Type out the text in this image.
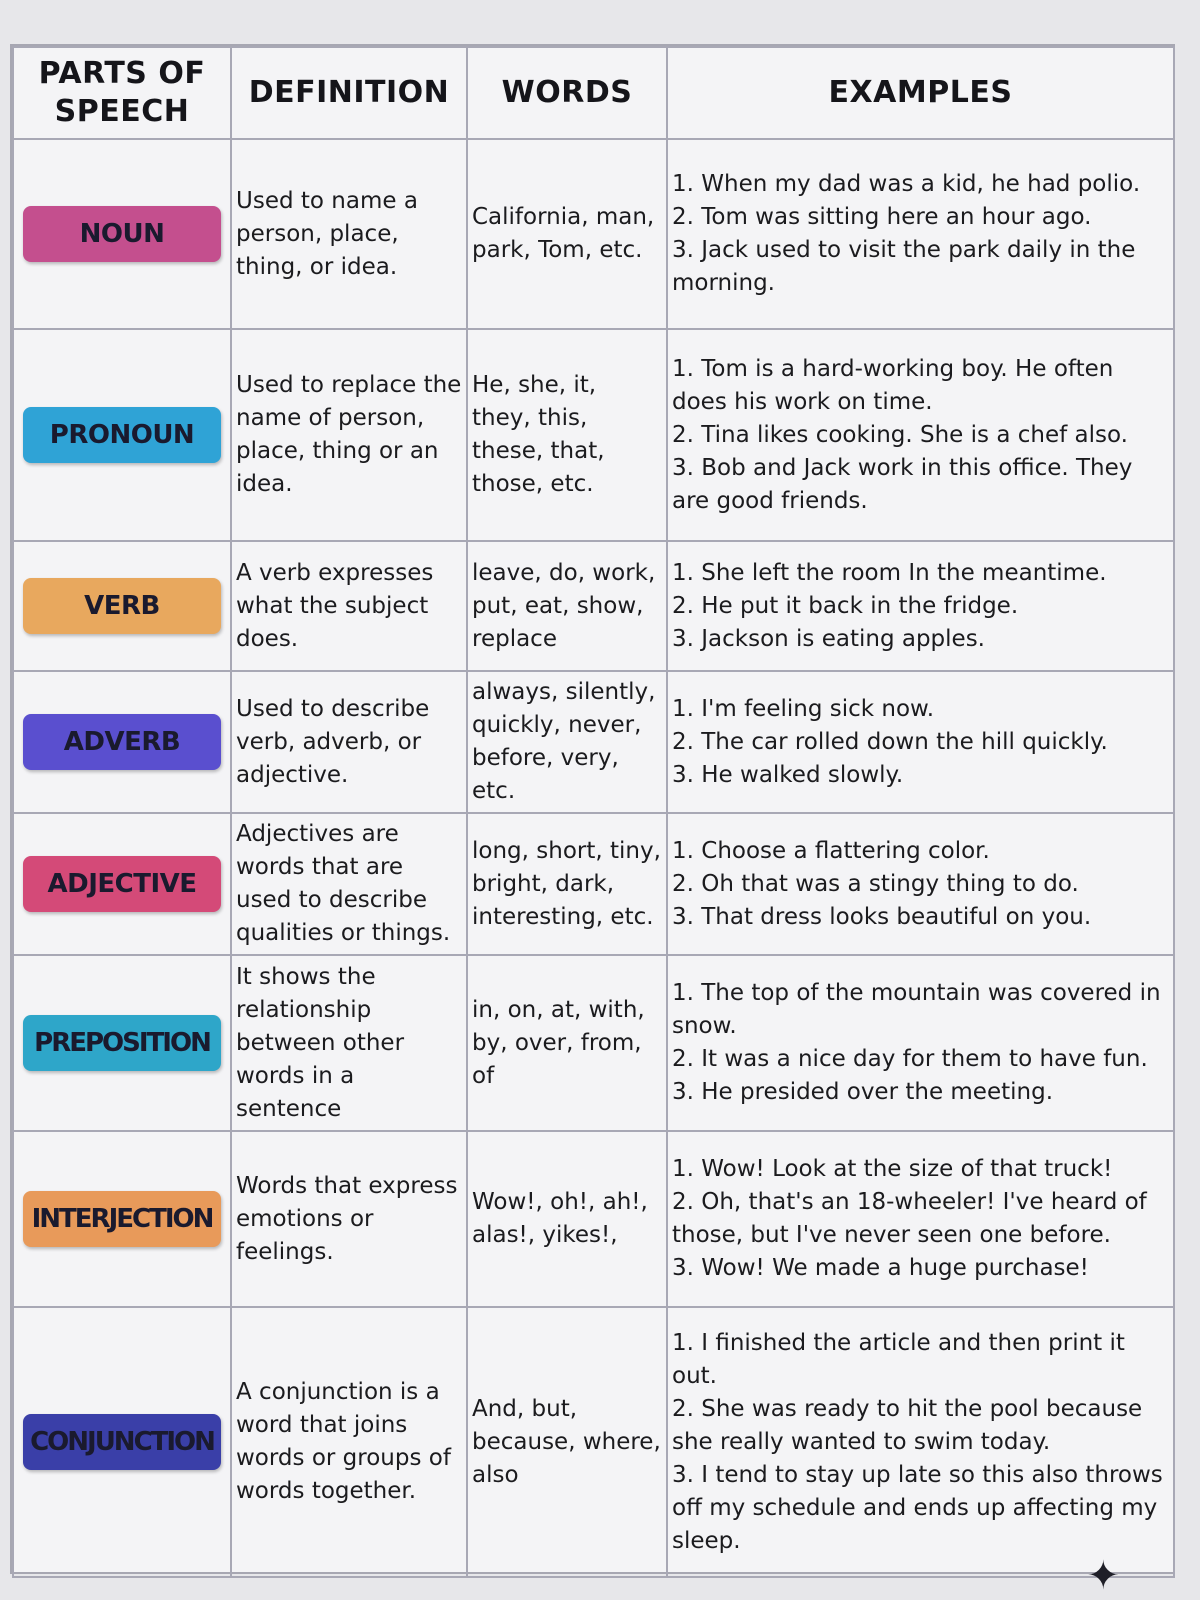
PARTS OF SPEECH	DEFINITION	WORDS	EXAMPLES

NOUN	Used to name a person, place, thing, or idea.	California, man, park, Tom, etc.	1. When my dad was a kid, he had polio.
2. Tom was sitting here an hour ago.
3. Jack used to visit the park daily in the morning.

PRONOUN	Used to replace the name of person, place, thing or an idea.	He, she, it, they, this, these, that, those, etc.	1. Tom is a hard-working boy. He often does his work on time.
2. Tina likes cooking. She is a chef also.
3. Bob and Jack work in this office. They are good friends.

VERB	A verb expresses what the subject does.	leave, do, work, put, eat, show, replace	1. She left the room In the meantime.
2. He put it back in the fridge.
3. Jackson is eating apples.

ADVERB	Used to describe verb, adverb, or adjective.	always, silently, quickly, never, before, very, etc.	1. I'm feeling sick now.
2. The car rolled down the hill quickly.
3. He walked slowly.

ADJECTIVE	Adjectives are words that are used to describe qualities or things.	long, short, tiny, bright, dark, interesting, etc.	1. Choose a flattering color.
2. Oh that was a stingy thing to do.
3. That dress looks beautiful on you.

PREPOSITION	It shows the relationship between other words in a sentence	in, on, at, with, by, over, from, of	1. The top of the mountain was covered in snow.
2. It was a nice day for them to have fun.
3. He presided over the meeting.

INTERJECTION	Words that express emotions or feelings.	Wow!, oh!, ah!, alas!, yikes!,	1. Wow! Look at the size of that truck!
2. Oh, that's an 18-wheeler! I've heard of those, but I've never seen one before.
3. Wow! We made a huge purchase!

CONJUNCTION	A conjunction is a word that joins words or groups of words together.	And, but, because, where, also	1. I finished the article and then print it out.
2. She was ready to hit the pool because she really wanted to swim today.
3. I tend to stay up late so this also throws off my schedule and ends up affecting my sleep.
✦
